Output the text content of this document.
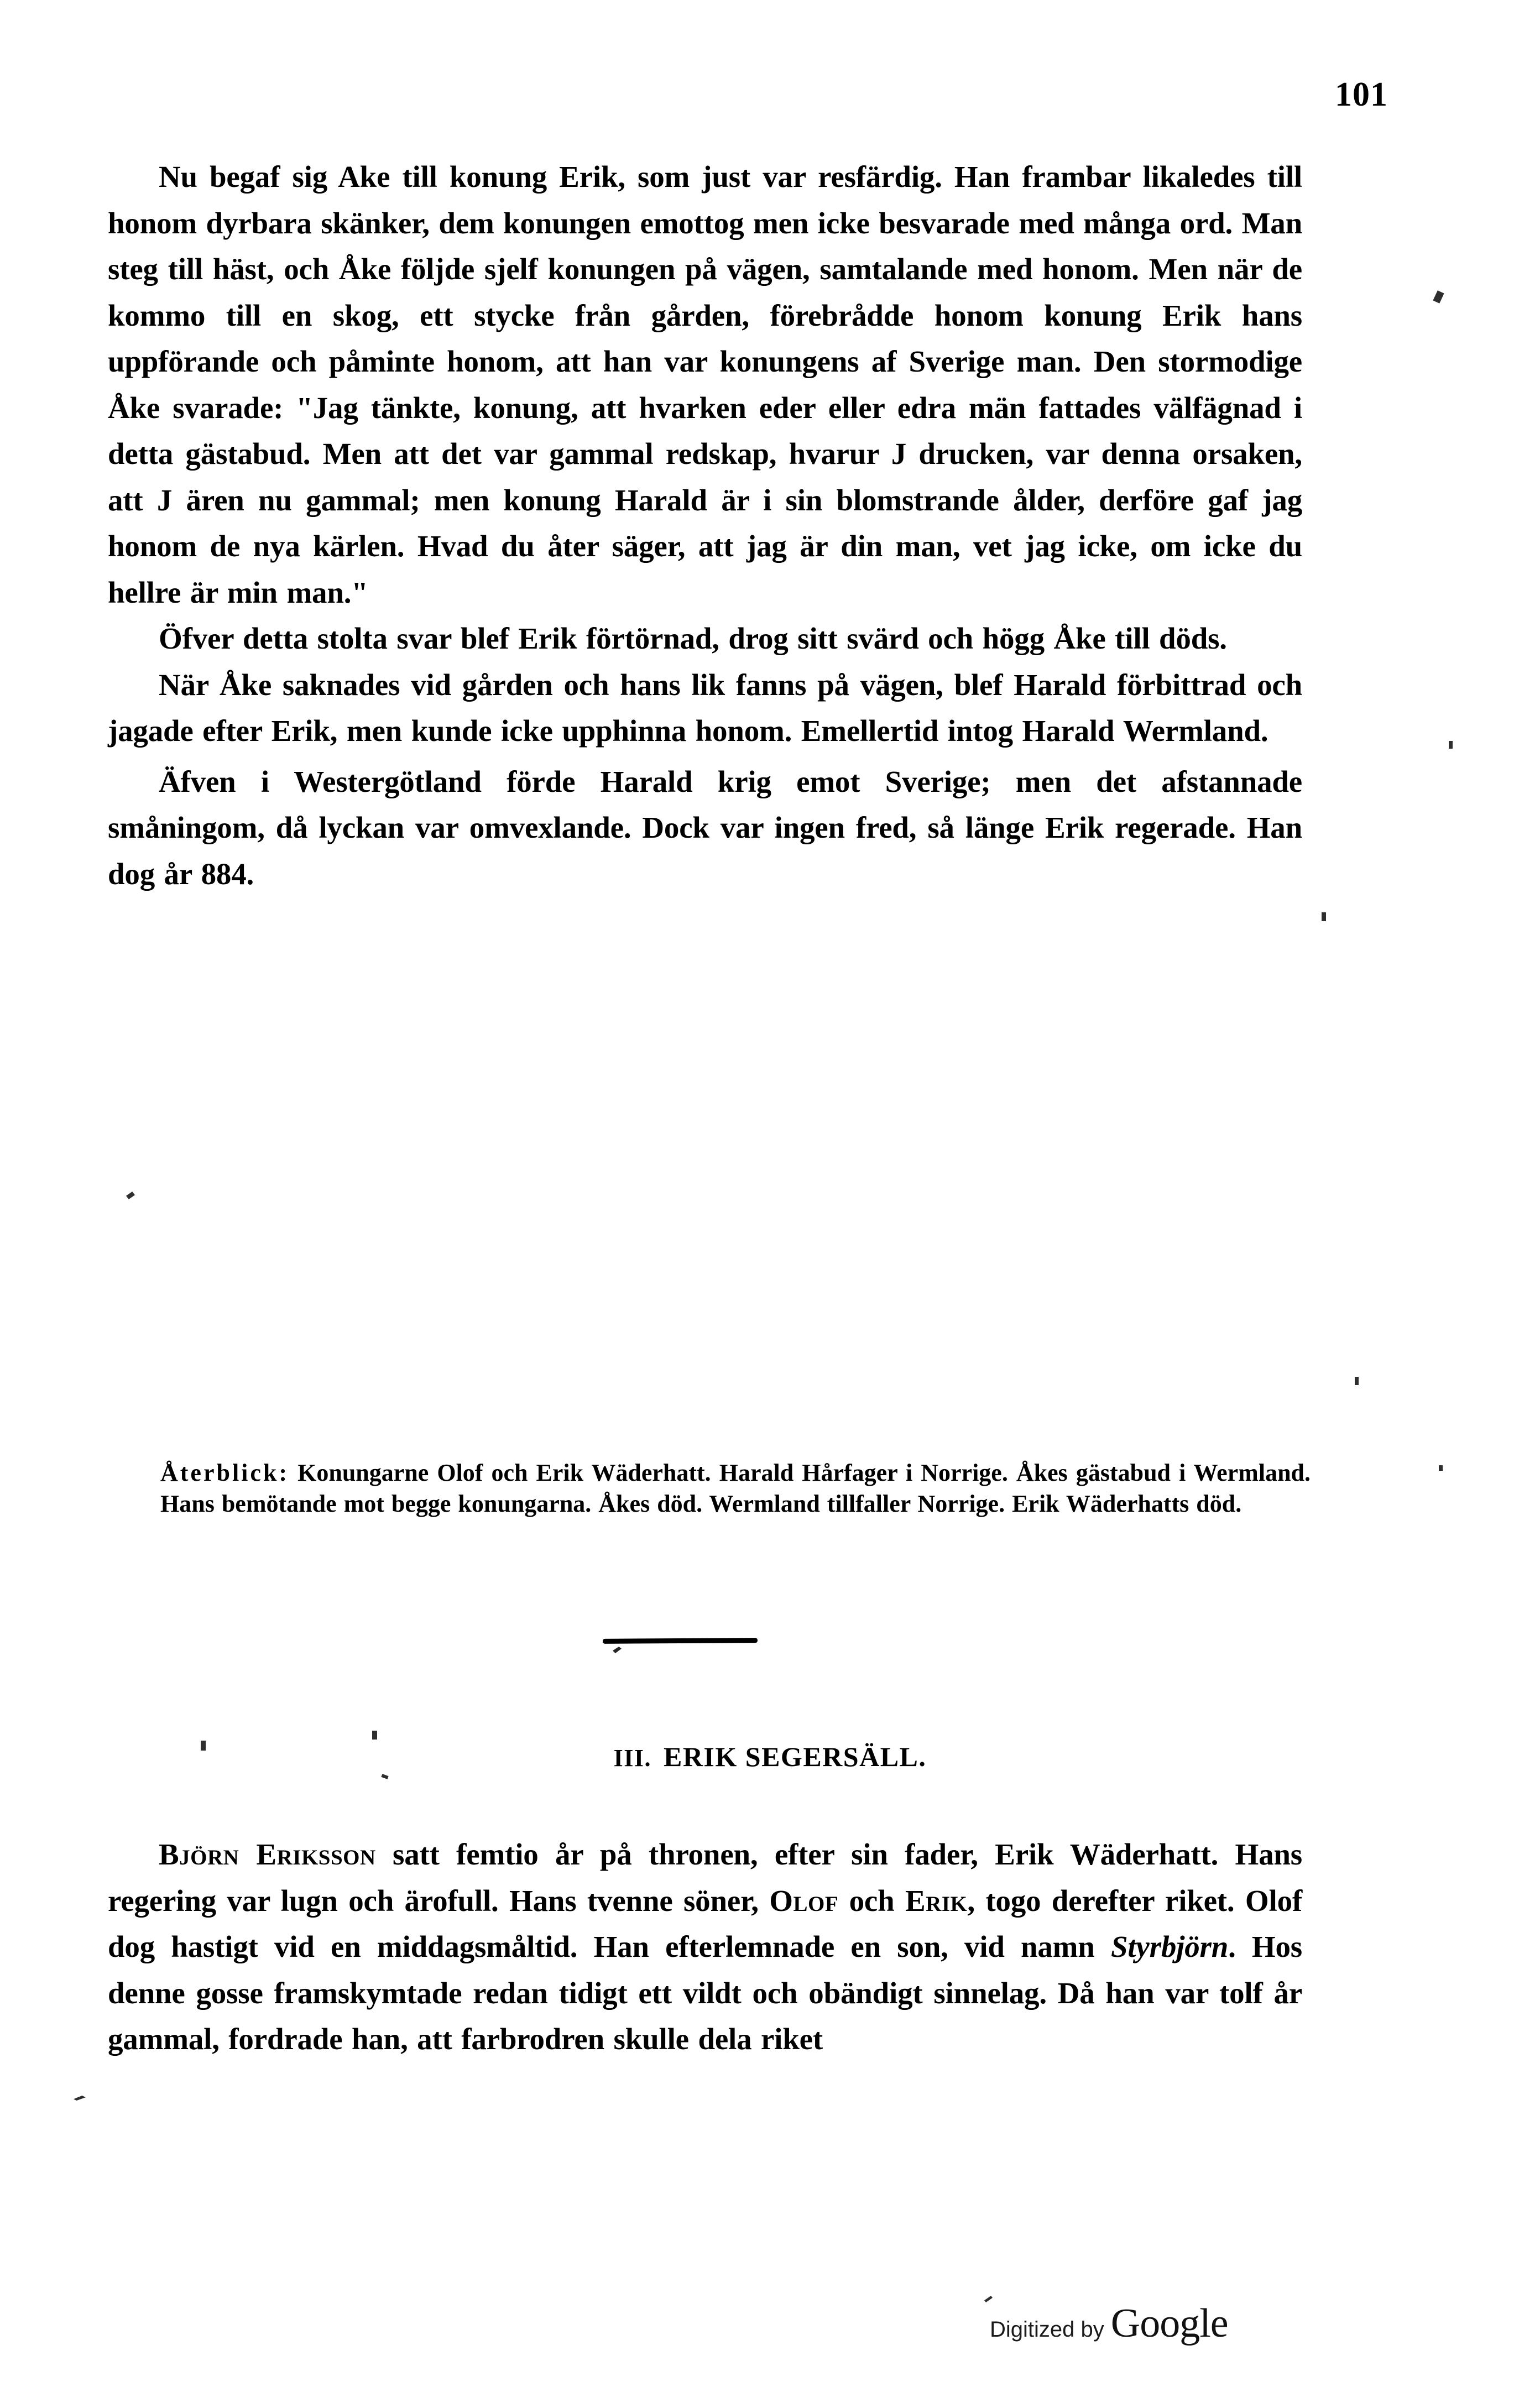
101

Nu begaf sig Ake till konung Erik, som just var resfärdig. Han frambar likaledes till honom dyrbara skänker, dem konungen emottog men icke besvarade med många ord. Man steg till häst, och Åke följde sjelf konungen på vägen, samtalande med honom. Men när de kommo till en skog, ett stycke från gården, förebrådde honom konung Erik hans uppförande och påminte honom, att han var konungens af Sverige man. Den stormodige Åke svarade: "Jag tänkte, konung, att hvarken eder eller edra män fattades välfägnad i detta gästabud. Men att det var gammal redskap, hvarur J drucken, var denna orsaken, att J ären nu gammal; men konung Harald är i sin blomstrande ålder, derföre gaf jag honom de nya kärlen. Hvad du åter säger, att jag är din man, vet jag icke, om icke du hellre är min man."

Öfver detta stolta svar blef Erik förtörnad, drog sitt svärd och högg Åke till döds.

När Åke saknades vid gården och hans lik fanns på vägen, blef Harald förbittrad och jagade efter Erik, men kunde icke upphinna honom. Emellertid intog Harald Wermland.

Äfven i Westergötland förde Harald krig emot Sverige; men det afstannade småningom, då lyckan var omvexlande. Dock var ingen fred, så länge Erik regerade. Han dog år 884.

Återblick: Konungarne Olof och Erik Wäderhatt. Harald Hårfager i Norrige. Åkes gästabud i Wermland. Hans bemötande mot begge konungarna. Åkes död. Wermland tillfaller Norrige. Erik Wäderhatts död.
III. ERIK SEGERSÄLL.

Björn Eriksson satt femtio år på thronen, efter sin fader, Erik Wäderhatt. Hans regering var lugn och ärofull. Hans tvenne söner, Olof och Erik, togo derefter riket. Olof dog hastigt vid en middagsmåltid. Han efterlemnade en son, vid namn Styrbjörn. Hos denne gosse framskymtade redan tidigt ett vildt och obändigt sinnelag. Då han var tolf år gammal, fordrade han, att farbrodren skulle dela riket

Digitized by Googlе
